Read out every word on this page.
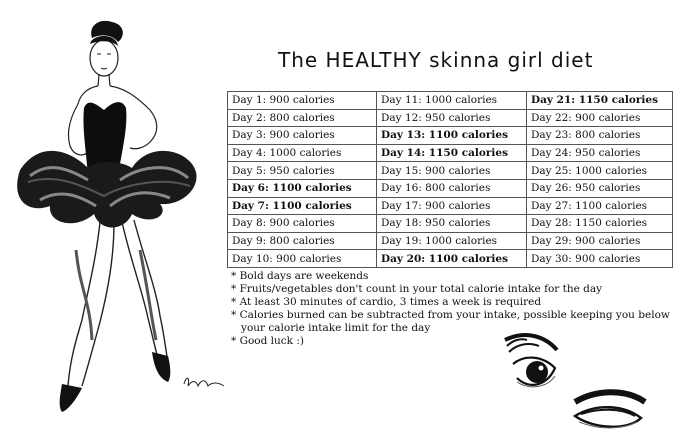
The HEALTHY skinna girl diet
Day 1: 900 calories	Day 11: 1000 calories	Day 21: 1150 calories
Day 2: 800 calories	Day 12: 950 calories	Day 22: 900 calories
Day 3: 900 calories	Day 13: 1100 calories	Day 23: 800 calories
Day 4: 1000 calories	Day 14: 1150 calories	Day 24: 950 calories
Day 5: 950 calories	Day 15: 900 calories	Day 25: 1000 calories
Day 6: 1100 calories	Day 16: 800 calories	Day 26: 950 calories
Day 7: 1100 calories	Day 17: 900 calories	Day 27: 1100 calories
Day 8: 900 calories	Day 18: 950 calories	Day 28: 1150 calories
Day 9: 800 calories	Day 19: 1000 calories	Day 29: 900 calories
Day 10: 900 calories	Day 20: 1100 calories	Day 30: 900 calories
* Bold days are weekends
* Fruits/vegetables don't count in your total calorie intake for the day
* At least 30 minutes of cardio, 3 times a week is required
* Calories burned can be subtracted from your intake, possible keeping you below
your calorie intake limit for the day
* Good luck :)
